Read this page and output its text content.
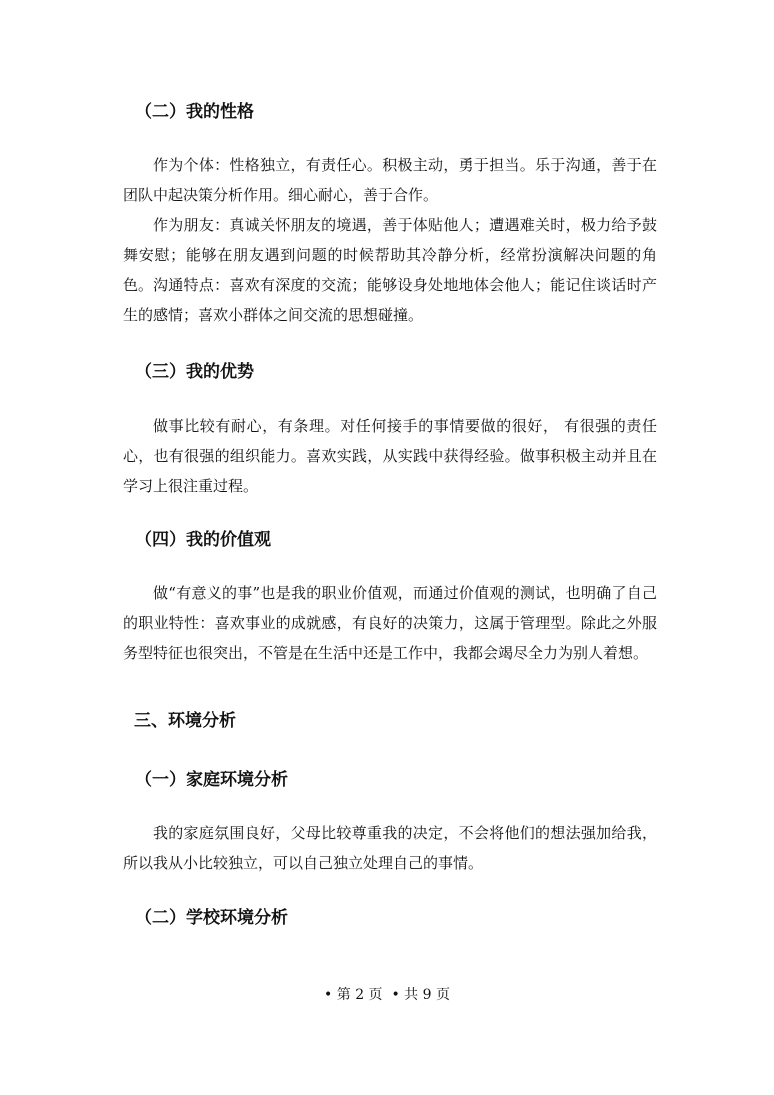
（二）我的性格

作为个体：性格独立，有责任心。积极主动，勇于担当。乐于沟通，善于在团队中起决策分析作用。细心耐心，善于合作。

作为朋友：真诚关怀朋友的境遇，善于体贴他人；遭遇难关时，极力给予鼓舞安慰；能够在朋友遇到问题的时候帮助其冷静分析，经常扮演解决问题的角色。 沟通特点：喜欢有深度的交流；能够设身处地地体会他人；能记住谈话时产生的感情；喜欢小群体之间交流的思想碰撞。

（三）我的优势

做事比较有耐心，有条理。对任何接手的事情要做的很好， 有很强的责任心，也有很强的组织能力。喜欢实践，从实践中获得经验。做事积极主动并且在学习上很注重过程。

（四）我的价值观

做“有意义的事”也是我的职业价值观，而通过价值观的测试，也明确了自己的职业特性：喜欢事业的成就感，有良好的决策力，这属于管理型。除此之外服务型特征也很突出，不管是在生活中还是工作中，我都会竭尽全力为别人着想。

三、环境分析
（一）家庭环境分析

我的家庭氛围良好，父母比较尊重我的决定，不会将他们的想法强加给我，所以我从小比较独立，可以自己独立处理自己的事情。

（二）学校环境分析
• 第 2 页  • 共 9 页
